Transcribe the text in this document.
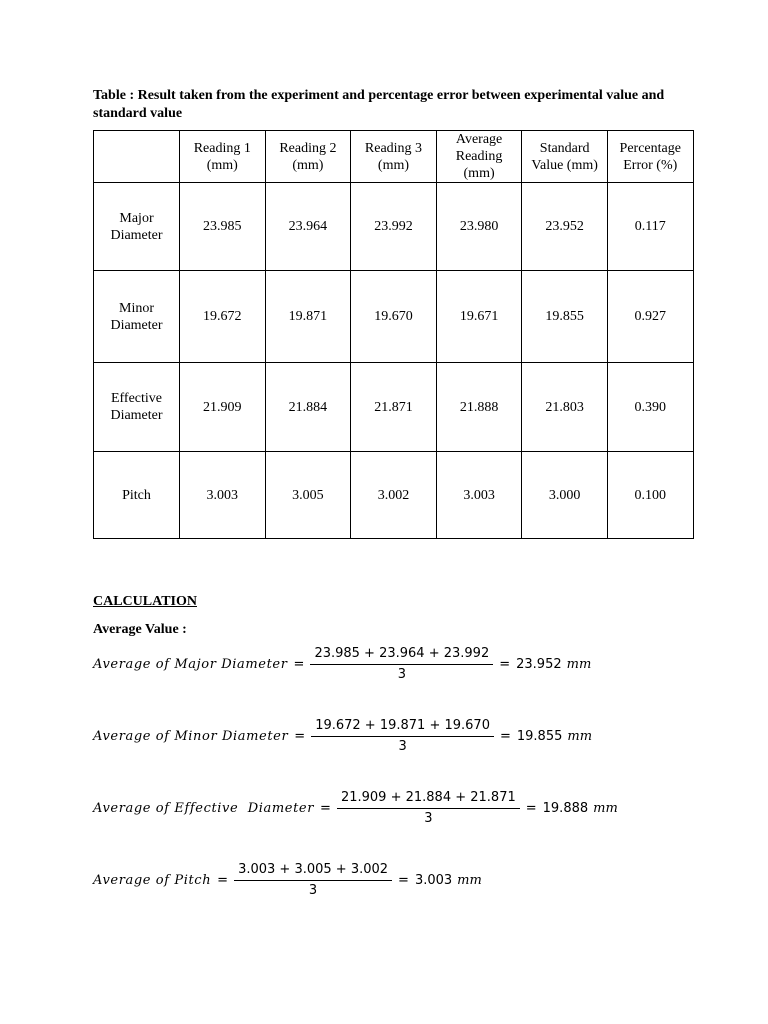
Table : Result taken from the experiment and percentage error between experimental value and standard value
	Reading 1 (mm)	Reading 2 (mm)	Reading 3 (mm)	Average Reading (mm)	Standard Value (mm)	Percentage Error (%)
Major Diameter	23.985	23.964	23.992	23.980	23.952	0.117
Minor Diameter	19.672	19.871	19.670	19.671	19.855	0.927
Effective Diameter	21.909	21.884	21.871	21.888	21.803	0.390
Pitch	3.003	3.005	3.002	3.003	3.000	0.100
CALCULATION
Average Value :
Average of Major Diameter = $\frac{23.985 + 23.964 + 23.992}{3} = 23.952$ mm
Average of Minor Diameter = $\frac{19.672 + 19.871 + 19.670}{3} = 19.855$ mm
Average of Effective  Diameter = $\frac{21.909 + 21.884 + 21.871}{3} = 19.888$ mm
Average of Pitch = $\frac{3.003 + 3.005 + 3.002}{3} = 3.003$ mm
